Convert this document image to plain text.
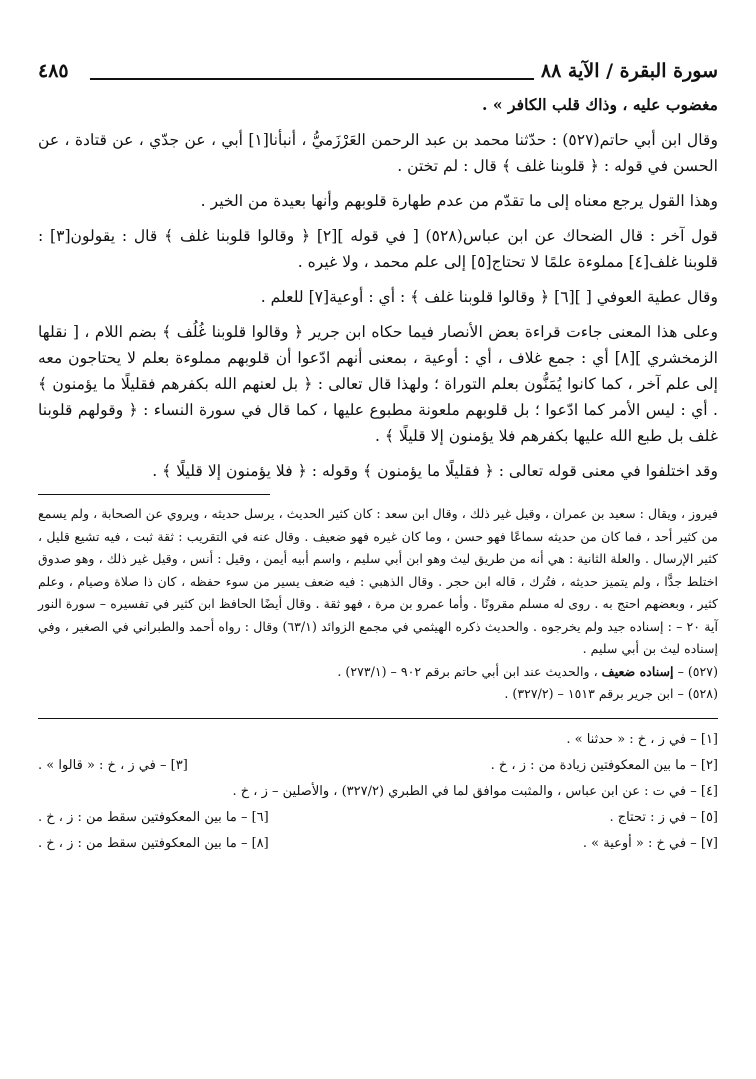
سورة البقرة / الآية ٨٨
٤٨٥

مغضوب عليه ، وذاك قلب الكافر » .

وقال ابن أبي حاتم(٥٢٧) : حدّثنا محمد بن عبد الرحمن العَرْزَميُّ ، أنبأنا[١] أبي ، عن جدّي ، عن قتادة ، عن الحسن في قوله : ﴿ قلوبنا غلف ﴾ قال : لم تختن .

وهذا القول يرجع معناه إلى ما تقدّم من عدم طهارة قلوبهم وأنها بعيدة من الخير .

قول آخر : قال الضحاك عن ابن عباس(٥٢٨) [ في قوله ][٢] ﴿ وقالوا قلوبنا غلف ﴾ قال : يقولون[٣] : قلوبنا غلف[٤] مملوءة علمًا لا تحتاج[٥] إلى علم محمد ، ولا غيره .

وقال عطية العوفي [ ][٦] ﴿ وقالوا قلوبنا غلف ﴾ : أي : أوعية[٧] للعلم .

وعلى هذا المعنى جاءت قراءة بعض الأنصار فيما حكاه ابن جرير ﴿ وقالوا قلوبنا غُلُف ﴾ بضم اللام ، [ نقلها الزمخشري ][٨] أي : جمع غلاف ، أي : أوعية ، بمعنى أنهم ادّعوا أن قلوبهم مملوءة بعلم لا يحتاجون معه إلى علم آخر ، كما كانوا يُمَنُّون بعلم التوراة ؛ ولهذا قال تعالى : ﴿ بل لعنهم الله بكفرهم فقليلًا ما يؤمنون ﴾ . أي : ليس الأمر كما ادّعوا ؛ بل قلوبهم ملعونة مطبوع عليها ، كما قال في سورة النساء : ﴿ وقولهم قلوبنا غلف بل طبع الله عليها بكفرهم فلا يؤمنون إلا قليلًا ﴾ .

وقد اختلفوا في معنى قوله تعالى : ﴿ فقليلًا ما يؤمنون ﴾ وقوله : ﴿ فلا يؤمنون إلا قليلًا ﴾ .

فيروز ، ويقال : سعيد بن عمران ، وقيل غير ذلك ، وقال ابن سعد : كان كثير الحديث ، يرسل حديثه ، ويروي عن الصحابة ، ولم يسمع من كثير أحد ، فما كان من حديثه سماعًا فهو حسن ، وما كان غيره فهو ضعيف . وقال عنه في التقريب : ثقة ثبت ، فيه تشيع قليل ، كثير الإرسال . والعلة الثانية : هي أنه من طريق ليث وهو ابن أبي سليم ، واسم أبيه أيمن ، وقيل : أنس ، وقيل غير ذلك ، وهو صدوق اختلط جدًّا ، ولم يتميز حديثه ، فتُرك ، قاله ابن حجر . وقال الذهبي : فيه ضعف يسير من سوء حفظه ، كان ذا صلاة وصيام ، وعلم كثير ، وبعضهم احتج به . روى له مسلم مقرونًا . وأما عمرو بن مرة ، فهو ثقة . وقال أيضًا الحافظ ابن كثير في تفسيره – سورة النور آية ٢٠ – : إسناده جيد ولم يخرجوه . والحديث ذكره الهيثمي في مجمع الزوائد (٦٣/١) وقال : رواه أحمد والطبراني في الصغير ، وفي إسناده ليث بن أبي سليم .

(٥٢٧) – إسناده ضعيف ، والحديث عند ابن أبي حاتم برقم ٩٠٢ – (٢٧٣/١) .

(٥٢٨) – ابن جرير برقم ١٥١٣ – (٣٢٧/٢) .

[١] – في ز ، خ : « حدثنا » .
[٢] – ما بين المعكوفتين زيادة من : ز ، خ .
[٣] – في ز ، خ : « قالوا » .
[٤] – في ت : عن ابن عباس ، والمثبت موافق لما في الطبري (٣٢٧/٢) ، والأصلين – ز ، خ .
[٥] – في ز : تحتاج .
[٦] – ما بين المعكوفتين سقط من : ز ، خ .
[٧] – في خ : « أوعية » .
[٨] – ما بين المعكوفتين سقط من : ز ، خ .
